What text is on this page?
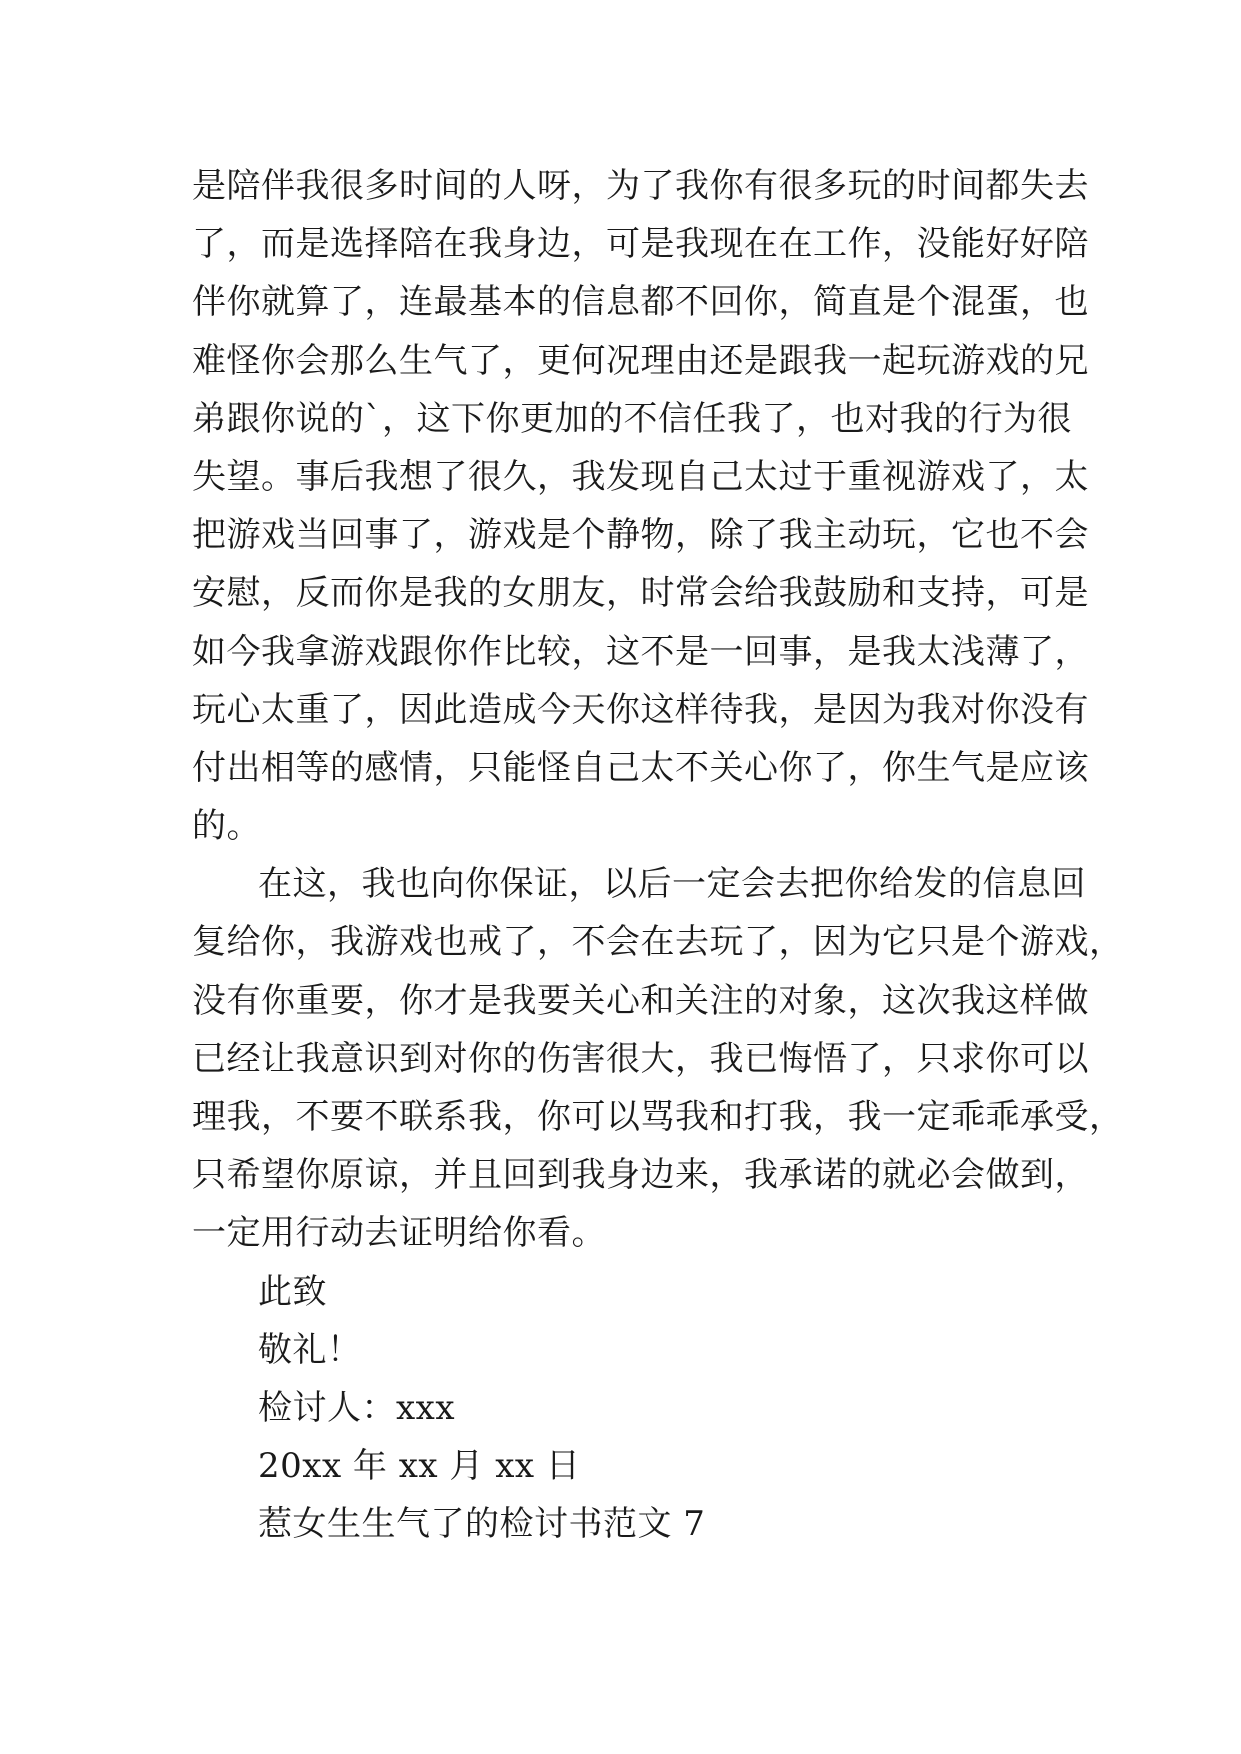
是陪伴我很多时间的人呀，为了我你有很多玩的时间都失去
了，而是选择陪在我身边，可是我现在在工作，没能好好陪
伴你就算了，连最基本的信息都不回你，简直是个混蛋，也
难怪你会那么生气了，更何况理由还是跟我一起玩游戏的兄
弟跟你说的`，这下你更加的不信任我了，也对我的行为很
失望。事后我想了很久，我发现自己太过于重视游戏了，太
把游戏当回事了，游戏是个静物，除了我主动玩，它也不会
安慰，反而你是我的女朋友，时常会给我鼓励和支持，可是
如今我拿游戏跟你作比较，这不是一回事，是我太浅薄了，
玩心太重了，因此造成今天你这样待我，是因为我对你没有
付出相等的感情，只能怪自己太不关心你了，你生气是应该
的。
在这，我也向你保证，以后一定会去把你给发的信息回
复给你，我游戏也戒了，不会在去玩了，因为它只是个游戏，
没有你重要，你才是我要关心和关注的对象，这次我这样做
已经让我意识到对你的伤害很大，我已悔悟了，只求你可以
理我，不要不联系我，你可以骂我和打我，我一定乖乖承受，
只希望你原谅，并且回到我身边来，我承诺的就必会做到，
一定用行动去证明给你看。
此致
敬礼！
检讨人：xxx
20xx 年 xx 月 xx 日
惹女生生气了的检讨书范文 7
